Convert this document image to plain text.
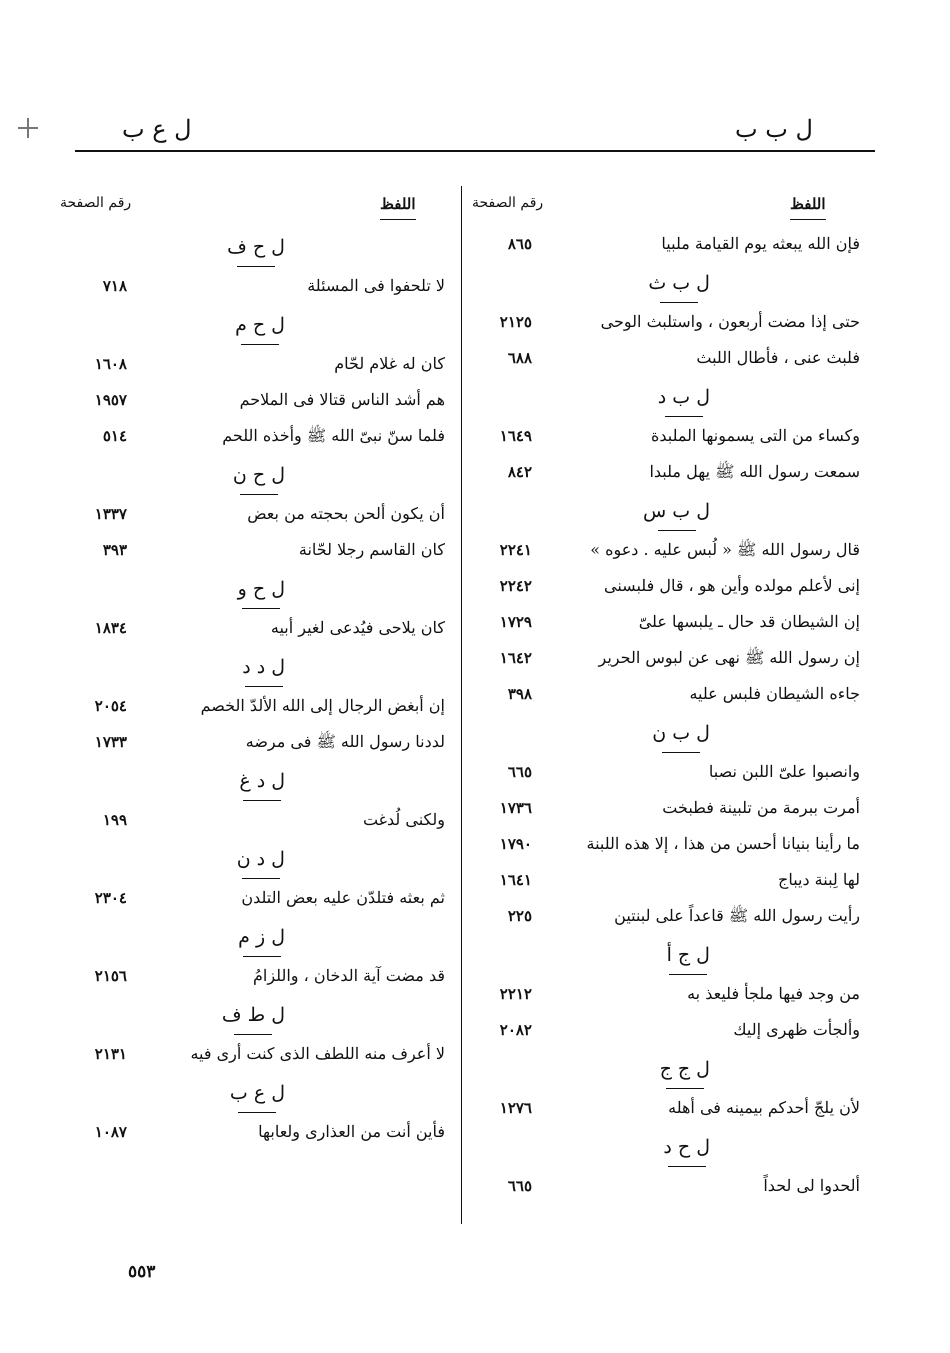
ل ب ب
ل ع ب
اللفظ
رقم الصفحة
اللفظ
رقم الصفحة
فإن الله يبعثه يوم القيامة ملبيا
٨٦٥
ل ب ث
حتى إذا مضت أربعون ، واستلبث الوحى
٢١٢٥
فلبث عنى ، فأطال اللبث
٦٨٨
ل ب د
وكساء من التى يسمونها الملبدة
١٦٤٩
سمعت رسول الله ﷺ يهل ملبدا
٨٤٢
ل ب س
قال رسول الله ﷺ « لُبس عليه . دعوه »
٢٢٤١
إنى لأعلم مولده وأين هو ، قال فلبسنى
٢٢٤٢
إن الشيطان قد حال ـ يلبسها علىّ
١٧٢٩
إن رسول الله ﷺ نهى عن لبوس الحرير
١٦٤٢
جاءه الشيطان فلبس عليه
٣٩٨
ل ب ن
وانصبوا علىّ اللبن نصبا
٦٦٥
أمرت ببرمة من تلبينة فطبخت
١٧٣٦
ما رأينا بنيانا أحسن من هذا ، إلا هذه اللبنة
١٧٩٠
لها لِبنة ديباج
١٦٤١
رأيت رسول الله ﷺ قاعداً على لبنتين
٢٢٥
ل ج أ
من وجد فيها ملجأ فليعذ به
٢٢١٢
وألجأت ظهرى إليك
٢٠٨٢
ل ج ج
لأن يلجّ أحدكم بيمينه فى أهله
١٢٧٦
ل ح د
ألحدوا لى لحداً
٦٦٥
ل ح ف
لا تلحفوا فى المسئلة
٧١٨
ل ح م
كان له غلام لحّام
١٦٠٨
هم أشد الناس قتالا فى الملاحم
١٩٥٧
فلما سنّ نبىّ الله ﷺ وأخذه اللحم
٥١٤
ل ح ن
أن يكون ألحن بحجته من بعض
١٣٣٧
كان القاسم رجلا لحّانة
٣٩٣
ل ح و
كان يلاحى فيُدعى لغير أبيه
١٨٣٤
ل د د
إن أبغض الرجال إلى الله الألدّ الخصم
٢٠٥٤
لددنا رسول الله ﷺ فى مرضه
١٧٣٣
ل د غ
ولكنى لُدغت
١٩٩
ل د ن
ثم بعثه فتلدّن عليه بعض التلدن
٢٣٠٤
ل ز م
قد مضت آية الدخان ، واللزامُ
٢١٥٦
ل ط ف
لا أعرف منه اللطف الذى كنت أرى فيه
٢١٣١
ل ع ب
فأين أنت من العذارى ولعابها
١٠٨٧
٥٥٣
